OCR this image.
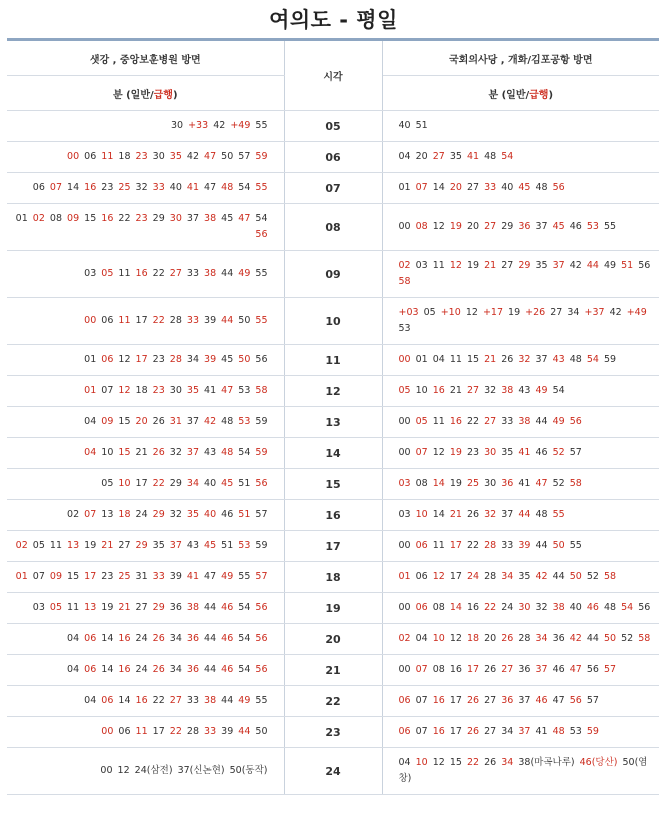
여의도 - 평일
샛강 , 중앙보훈병원 방면	시각	국회의사당 , 개화/김포공항 방면
분 (일반/급행)		분 (일반/급행)
30 +33 42 +49 55	05	40 51
00 06 11 18 23 30 35 42 47 50 57 59	06	04 20 27 35 41 48 54
06 07 14 16 23 25 32 33 40 41 47 48 54 55	07	01 07 14 20 27 33 40 45 48 56
01 02 08 09 15 16 22 23 29 30 37 38 45 47 54 56	08	00 08 12 19 20 27 29 36 37 45 46 53 55
03 05 11 16 22 27 33 38 44 49 55	09	02 03 11 12 19 21 27 29 35 37 42 44 49 51 56 58
00 06 11 17 22 28 33 39 44 50 55	10	+03 05 +10 12 +17 19 +26 27 34 +37 42 +49 53
01 06 12 17 23 28 34 39 45 50 56	11	00 01 04 11 15 21 26 32 37 43 48 54 59
01 07 12 18 23 30 35 41 47 53 58	12	05 10 16 21 27 32 38 43 49 54
04 09 15 20 26 31 37 42 48 53 59	13	00 05 11 16 22 27 33 38 44 49 56
04 10 15 21 26 32 37 43 48 54 59	14	00 07 12 19 23 30 35 41 46 52 57
05 10 17 22 29 34 40 45 51 56	15	03 08 14 19 25 30 36 41 47 52 58
02 07 13 18 24 29 32 35 40 46 51 57	16	03 10 14 21 26 32 37 44 48 55
02 05 11 13 19 21 27 29 35 37 43 45 51 53 59	17	00 06 11 17 22 28 33 39 44 50 55
01 07 09 15 17 23 25 31 33 39 41 47 49 55 57	18	01 06 12 17 24 28 34 35 42 44 50 52 58
03 05 11 13 19 21 27 29 36 38 44 46 54 56	19	00 06 08 14 16 22 24 30 32 38 40 46 48 54 56
04 06 14 16 24 26 34 36 44 46 54 56	20	02 04 10 12 18 20 26 28 34 36 42 44 50 52 58
04 06 14 16 24 26 34 36 44 46 54 56	21	00 07 08 16 17 26 27 36 37 46 47 56 57
04 06 14 16 22 27 33 38 44 49 55	22	06 07 16 17 26 27 36 37 46 47 56 57
00 06 11 17 22 28 33 39 44 50	23	06 07 16 17 26 27 34 37 41 48 53 59
00 12 24(삼전) 37(신논현) 50(동작)	24	04 10 12 15 22 26 34 38(마곡나루) 46(당산) 50(염창)
